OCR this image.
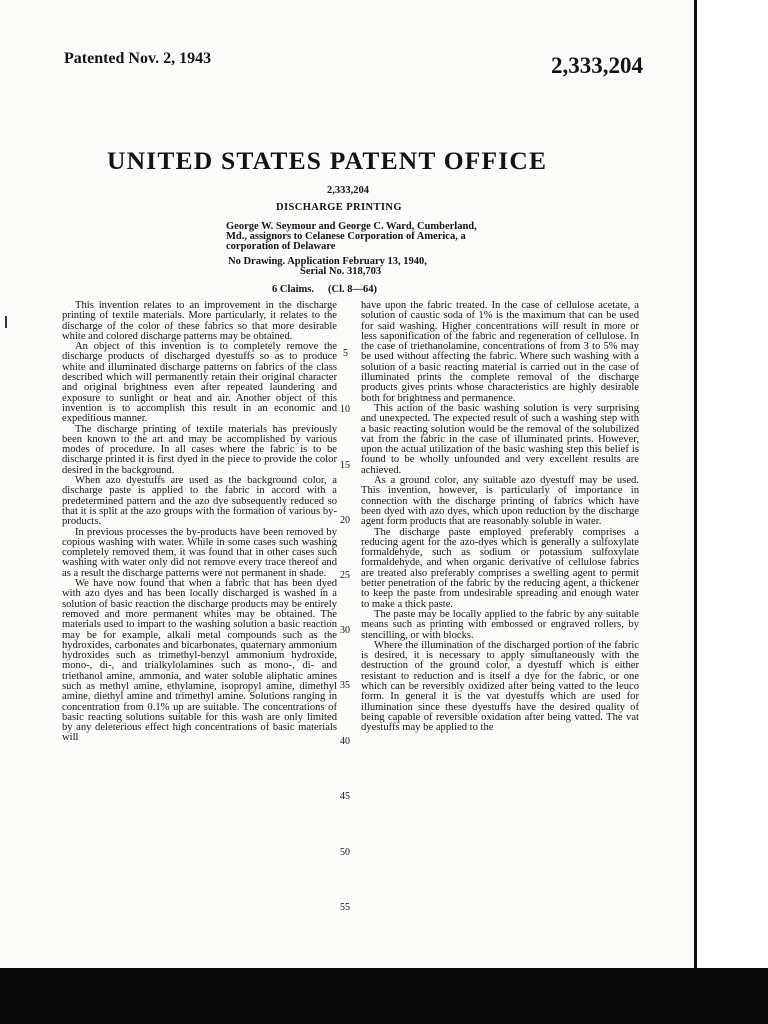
Patented Nov. 2, 1943	2,333,204
UNITED STATES PATENT OFFICE
2,333,204
DISCHARGE PRINTING
George W. Seymour and George C. Ward, Cumberland, Md., assignors to Celanese Corporation of America, a corporation of Delaware
No Drawing. Application February 13, 1940,
Serial No. 318,703
6 Claims. (Cl. 8—64)

This invention relates to an improvement in the discharge printing of textile materials. More particularly, it relates to the discharge of the color of these fabrics so that more desirable white and colored discharge patterns may be obtained.

An object of this invention is to completely remove the discharge products of discharged dyestuffs so as to produce white and illuminated discharge patterns on fabrics of the class described which will permanently retain their original character and original brightness even after repeated laundering and exposure to sunlight or heat and air. Another object of this invention is to accomplish this result in an economic and expeditious manner.

The discharge printing of textile materials has previously been known to the art and may be accomplished by various modes of procedure. In all cases where the fabric is to be discharge printed it is first dyed in the piece to provide the color desired in the background.

When azo dyestuffs are used as the background color, a discharge paste is applied to the fabric in accord with a predetermined pattern and the azo dye subsequently reduced so that it is split at the azo groups with the formation of various by-products.

In previous processes the by-products have been removed by copious washing with water. While in some cases such washing completely removed them, it was found that in other cases such washing with water only did not remove every trace thereof and as a result the discharge patterns were not permanent in shade.

We have now found that when a fabric that has been dyed with azo dyes and has been locally discharged is washed in a solution of basic reaction the discharge products may be entirely removed and more permanent whites may be obtained. The materials used to impart to the washing solution a basic reaction may be for example, alkali metal compounds such as the hydroxides, carbonates and bicarbonates, quaternary ammonium hydroxides such as trimethyl-benzyl ammonium hydroxide, mono-, di-, and trialkylolamines such as mono-, di- and triethanol amine, ammonia, and water soluble aliphatic amines such as methyl amine, ethylamine, isopropyl amine, dimethyl amine, diethyl amine and trimethyl amine. Solutions ranging in concentration from 0.1% up are suitable. The concentrations of basic reacting solutions suitable for this wash are only limited by any deleterious effect high concentrations of basic materials will

have upon the fabric treated. In the case of cellulose acetate, a solution of caustic soda of 1% is the maximum that can be used for said washing. Higher concentrations will result in more or less saponification of the fabric and regeneration of cellulose. In the case of triethanolamine, concentrations of from 3 to 5% may be used without affecting the fabric. Where such washing with a solution of a basic reacting material is carried out in the case of illuminated prints the complete removal of the discharge products gives prints whose characteristics are highly desirable both for brightness and permanence.

This action of the basic washing solution is very surprising and unexpected. The expected result of such a washing step with a basic reacting solution would be the removal of the solubilized vat from the fabric in the case of illuminated prints. However, upon the actual utilization of the basic washing step this belief is found to be wholly unfounded and very excellent results are achieved.

As a ground color, any suitable azo dyestuff may be used. This invention, however, is particularly of importance in connection with the discharge printing of fabrics which have been dyed with azo dyes, which upon reduction by the discharge agent form products that are reasonably soluble in water.

The discharge paste employed preferably comprises a reducing agent for the azo-dyes which is generally a sulfoxylate formaldehyde, such as sodium or potassium sulfoxylate formaldehyde, and when organic derivative of cellulose fabrics are treated also preferably comprises a swelling agent to permit better penetration of the fabric by the reducing agent, a thickener to keep the paste from undesirable spreading and enough water to make a thick paste.

The paste may be locally applied to the fabric by any suitable means such as printing with embossed or engraved rollers, by stencilling, or with blocks.

Where the illumination of the discharged portion of the fabric is desired, it is necessary to apply simultaneously with the destruction of the ground color, a dyestuff which is either resistant to reduction and is itself a dye for the fabric, or one which can be reversibly oxidized after being vatted to the leuco form. In general it is the vat dyestuffs which are used for illumination since these dyestuffs have the desired quality of being capable of reversible oxidation after being vatted. The vat dyestuffs may be applied to the

5
10
15
20
25
30
35
40
45
50
55
